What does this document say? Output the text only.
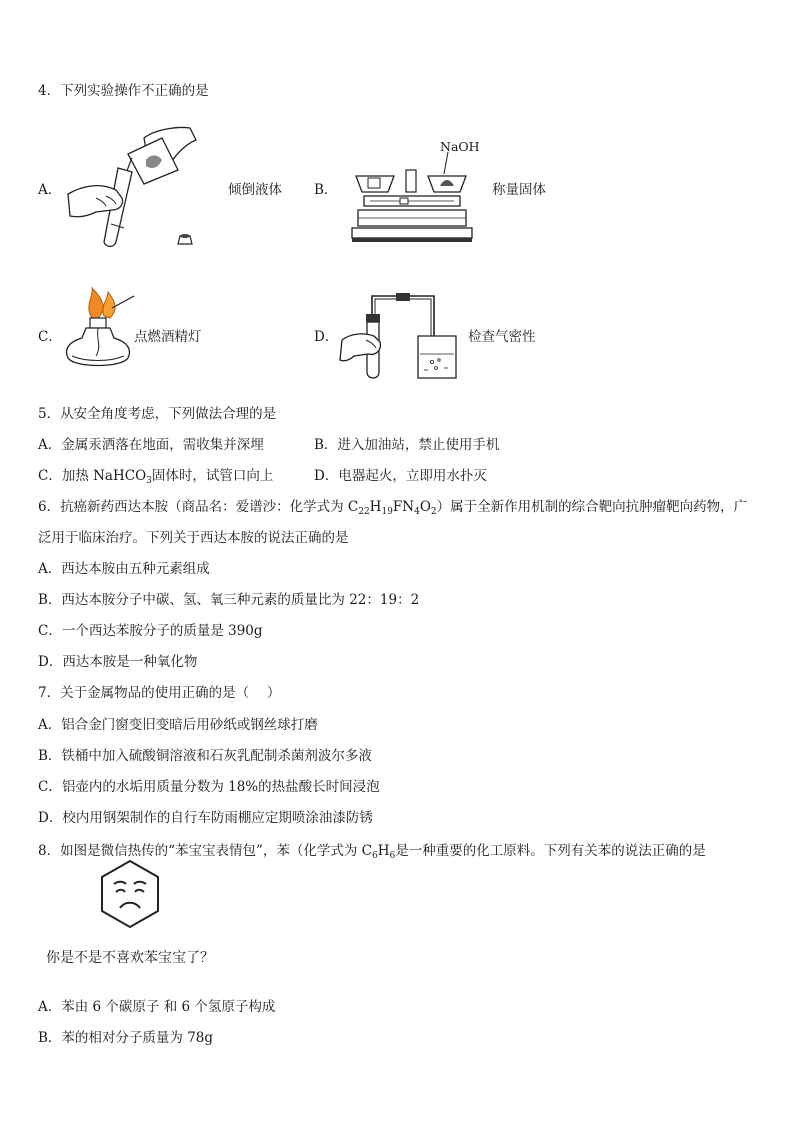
4．下列实验操作不正确的是
A．	倾倒液体 B．
NaOH
称量固体
C．	点燃酒精灯	D．	检查气密性
5．从安全角度考虑，下列做法合理的是
A．金属汞洒落在地面，需收集并深埋	B．进入加油站，禁止使用手机
C．加热 NaHCO$_3$固体时，试管口向上	D．电器起火，立即用水扑灭
6．抗癌新药西达本胺（商品名：爱谱沙：化学式为 $C_{22}H_{19}FN_4O_2$）属于全新作用机制的综合靶向抗肿瘤靶向药物，广
泛用于临床治疗。下列关于西达本胺的说法正确的是
A．西达本胺由五种元素组成
B．西达本胺分子中碳、氢、氧三种元素的质量比为 22：19：2
C．一个西达苯胺分子的质量是 390g
D．西达本胺是一种氧化物
7．关于金属物品的使用正确的是（　 ）
A．铝合金门窗变旧变暗后用砂纸或钢丝球打磨
B．铁桶中加入硫酸铜溶液和石灰乳配制杀菌剂波尔多液
C．铝壶内的水垢用质量分数为 18%的热盐酸长时间浸泡
D．校内用钢架制作的自行车防雨棚应定期喷涂油漆防锈
8．如图是微信热传的“苯宝宝表情包”，苯（化学式为 $C_6H_6$是一种重要的化工原料。下列有关苯的说法正确的是
你是不是不喜欢苯宝宝了？
A．苯由 6 个碳原子 和 6 个氢原子构成
B．苯的相对分子质量为 78g
